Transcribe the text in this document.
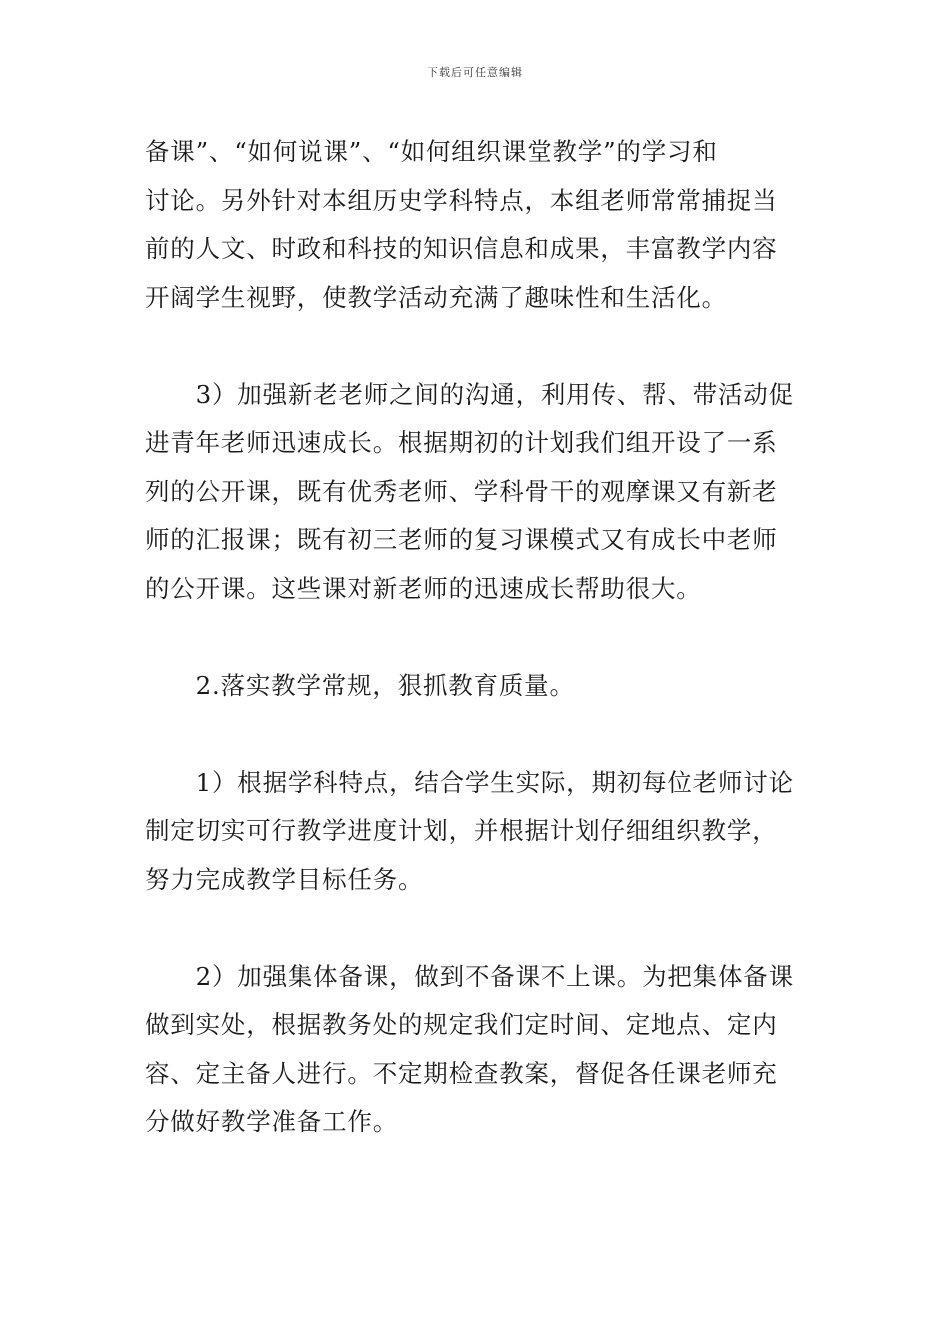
下载后可任意编辑

备课”、“如何说课”、“如何组织课堂教学”的学习和

讨论。另外针对本组历史学科特点，本组老师常常捕捉当

前的人文、时政和科技的知识信息和成果，丰富教学内容

开阔学生视野，使教学活动充满了趣味性和生活化。

　　3）加强新老老师之间的沟通，利用传、帮、带活动促

进青年老师迅速成长。根据期初的计划我们组开设了一系

列的公开课，既有优秀老师、学科骨干的观摩课又有新老

师的汇报课；既有初三老师的复习课模式又有成长中老师

的公开课。这些课对新老师的迅速成长帮助很大。

　　2.落实教学常规，狠抓教育质量。

　　1）根据学科特点，结合学生实际，期初每位老师讨论

制定切实可行教学进度计划，并根据计划仔细组织教学，

努力完成教学目标任务。

　　2）加强集体备课，做到不备课不上课。为把集体备课

做到实处，根据教务处的规定我们定时间、定地点、定内

容、定主备人进行。不定期检查教案，督促各任课老师充

分做好教学准备工作。
